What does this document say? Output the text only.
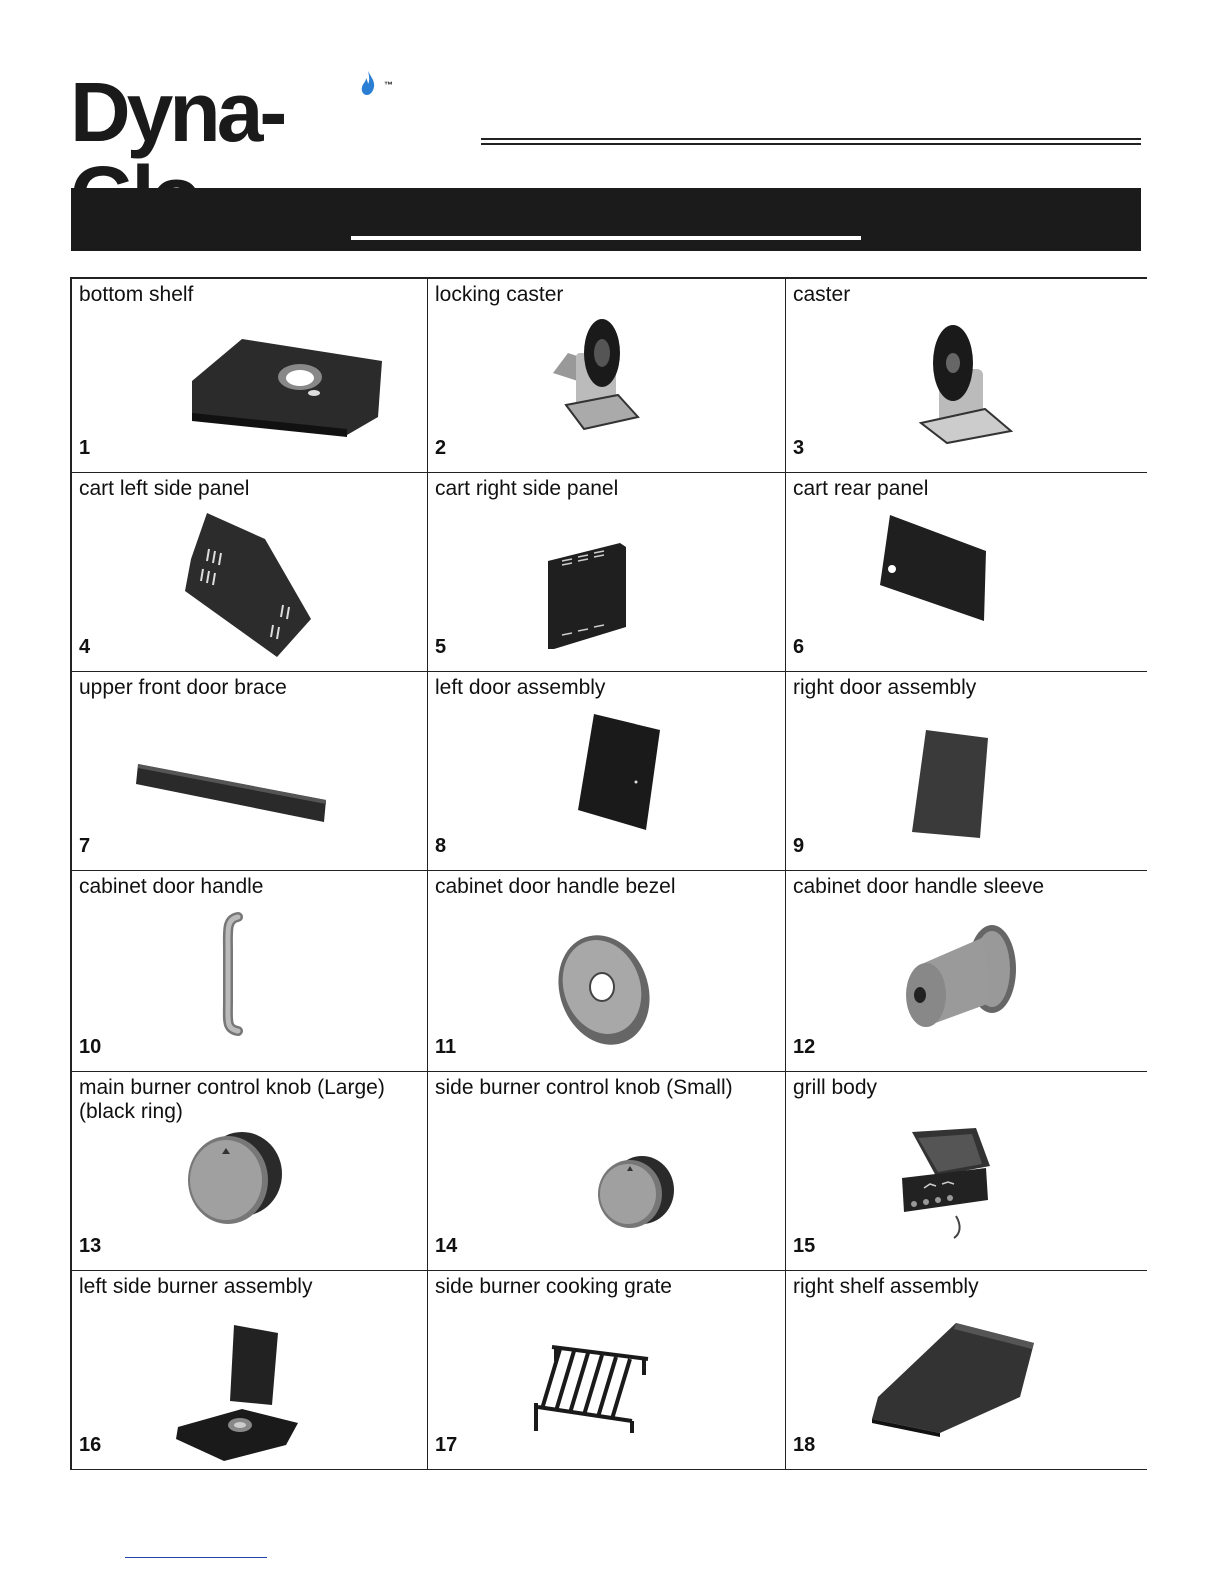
Dyna-	™
bottom shelf
1
locking caster
2
caster
3
cart left side panel
4
cart right side panel
5
cart rear panel
6
upper front door brace
7
left door assembly
8
right door assembly
9
cabinet door handle
10
cabinet door handle bezel
11
cabinet door handle sleeve
12
main burner control knob (Large)
(black ring)
13
side burner control knob (Small)
14
grill body
15
left side burner assembly
16
side burner cooking grate
17
right shelf assembly
18
